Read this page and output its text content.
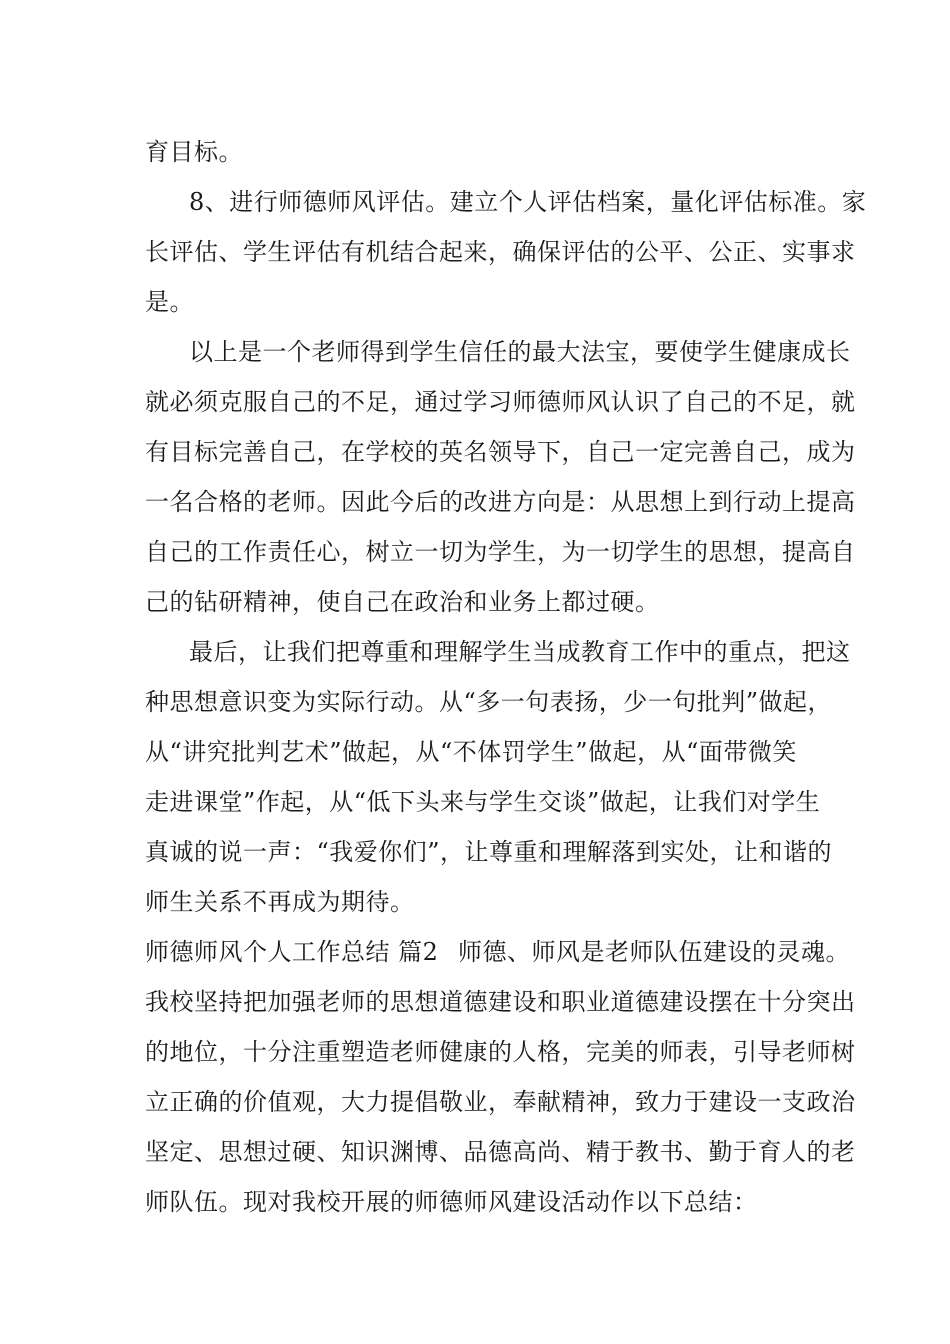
育目标。
8、进行师德师风评估。建立个人评估档案，量化评估标准。家
长评估、学生评估有机结合起来，确保评估的公平、公正、实事求
是。
以上是一个老师得到学生信任的最大法宝，要使学生健康成长
就必须克服自己的不足，通过学习师德师风认识了自己的不足，就
有目标完善自己，在学校的英名领导下，自己一定完善自己，成为
一名合格的老师。因此今后的改进方向是：从思想上到行动上提高
自己的工作责任心，树立一切为学生，为一切学生的思想，提高自
己的钻研精神，使自己在政治和业务上都过硬。
最后，让我们把尊重和理解学生当成教育工作中的重点，把这
种思想意识变为实际行动。从“多一句表扬，少一句批判”做起，
从“讲究批判艺术”做起，从“不体罚学生”做起，从“面带微笑
走进课堂”作起，从“低下头来与学生交谈”做起，让我们对学生
真诚的说一声：“我爱你们”，让尊重和理解落到实处，让和谐的
师生关系不再成为期待。
师德师风个人工作总结 篇2 师德、师风是老师队伍建设的灵魂。
我校坚持把加强老师的思想道德建设和职业道德建设摆在十分突出
的地位，十分注重塑造老师健康的人格，完美的师表，引导老师树
立正确的价值观，大力提倡敬业，奉献精神，致力于建设一支政治
坚定、思想过硬、知识渊博、品德高尚、精于教书、勤于育人的老
师队伍。现对我校开展的师德师风建设活动作以下总结：
